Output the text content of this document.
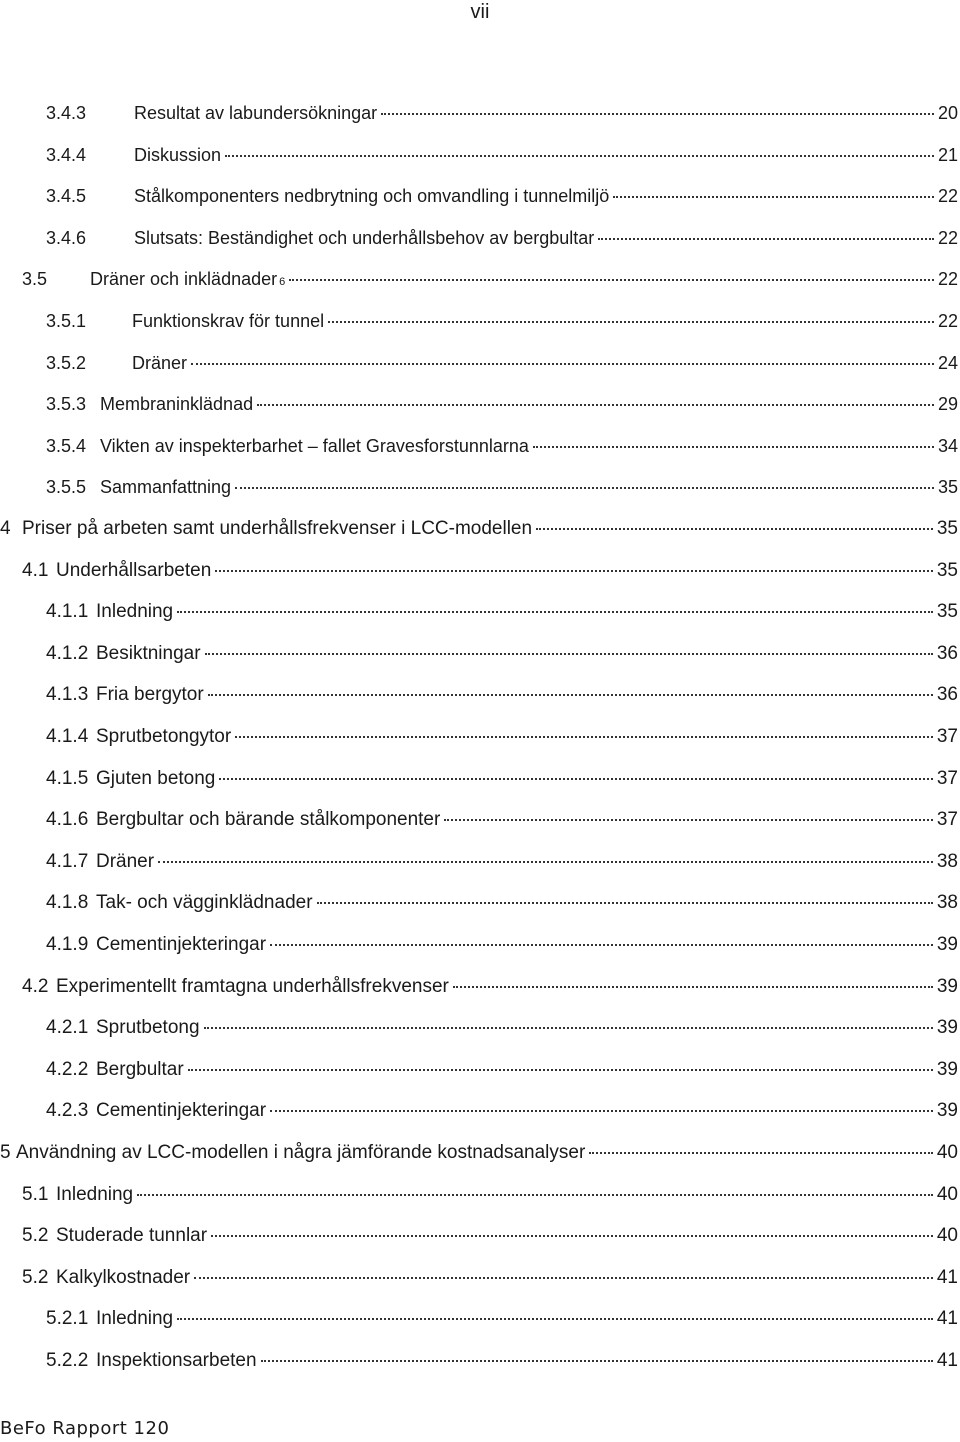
vii
3.4.3	Resultat av labundersökningar	20
3.4.4	Diskussion	21
3.4.5	Stålkomponenters nedbrytning och omvandling i tunnelmiljö	22
3.4.6	Slutsats: Beständighet och underhållsbehov av bergbultar	22
3.5	Dräner och inklädnader 6	22
3.5.1	Funktionskrav för tunnel	22
3.5.2	Dräner	24
3.5.3 Membraninklädnad	29
3.5.4 Vikten av inspekterbarhet – fallet Gravesforstunnlarna	34
3.5.5 Sammanfattning	35
4 Priser på arbeten samt underhållsfrekvenser i LCC-modellen	35
4.1 Underhållsarbeten	35
4.1.1 Inledning	35
4.1.2 Besiktningar	36
4.1.3 Fria bergytor	36
4.1.4 Sprutbetongytor	37
4.1.5 Gjuten betong	37
4.1.6 Bergbultar och bärande stålkomponenter	37
4.1.7 Dräner	38
4.1.8 Tak- och vägginklädnader	38
4.1.9 Cementinjekteringar	39
4.2 Experimentellt framtagna underhållsfrekvenser	39
4.2.1 Sprutbetong	39
4.2.2 Bergbultar	39
4.2.3 Cementinjekteringar	39
5 Användning av LCC-modellen i några jämförande kostnadsanalyser	40
5.1 Inledning	40
5.2 Studerade tunnlar	40
5.2 Kalkylkostnader	41
5.2.1 Inledning	41
5.2.2 Inspektionsarbeten	41
BeFo Rapport 120
